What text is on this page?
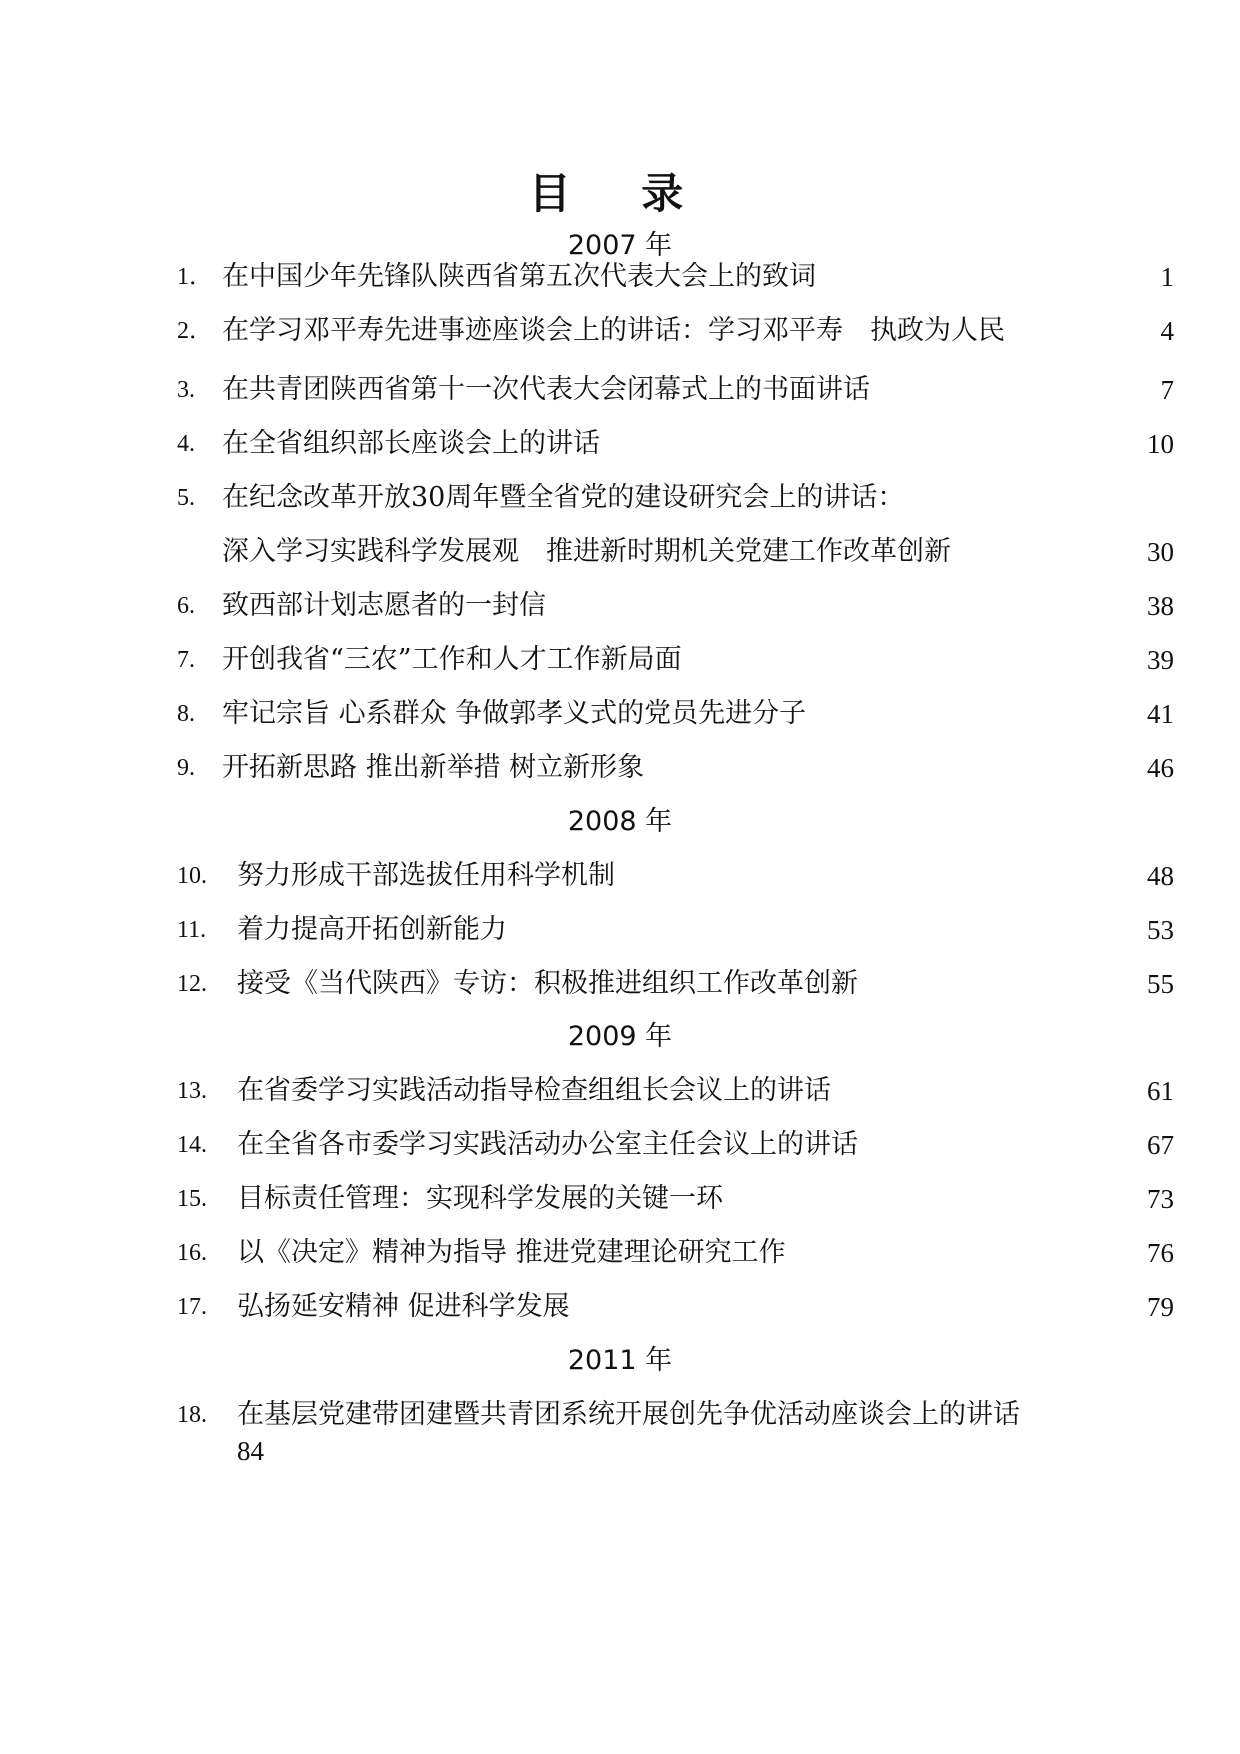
目 录
2007 年
1． 在中国少年先锋队陕西省第五次代表大会上的致词	1
2． 在学习邓平寿先进事迹座谈会上的讲话：学习邓平寿　执政为人民	4
3. 在共青团陕西省第十一次代表大会闭幕式上的书面讲话	7
4. 在全省组织部长座谈会上的讲话	10
5. 在纪念改革开放30周年暨全省党的建设研究会上的讲话：
深入学习实践科学发展观　推进新时期机关党建工作改革创新	30
6. 致西部计划志愿者的一封信	38
7. 开创我省“三农”工作和人才工作新局面	39
8. 牢记宗旨 心系群众 争做郭孝义式的党员先进分子	41
9. 开拓新思路 推出新举措 树立新形象	46
2008 年
10. 努力形成干部选拔任用科学机制	48
11. 着力提高开拓创新能力	53
12. 接受《当代陕西》专访：积极推进组织工作改革创新	55
2009 年
13. 在省委学习实践活动指导检查组组长会议上的讲话	61
14. 在全省各市委学习实践活动办公室主任会议上的讲话	67
15. 目标责任管理：实现科学发展的关键一环	73
16. 以《决定》精神为指导 推进党建理论研究工作	76
17. 弘扬延安精神 促进科学发展	79
2011 年
18. 在基层党建带团建暨共青团系统开展创先争优活动座谈会上的讲话
84
